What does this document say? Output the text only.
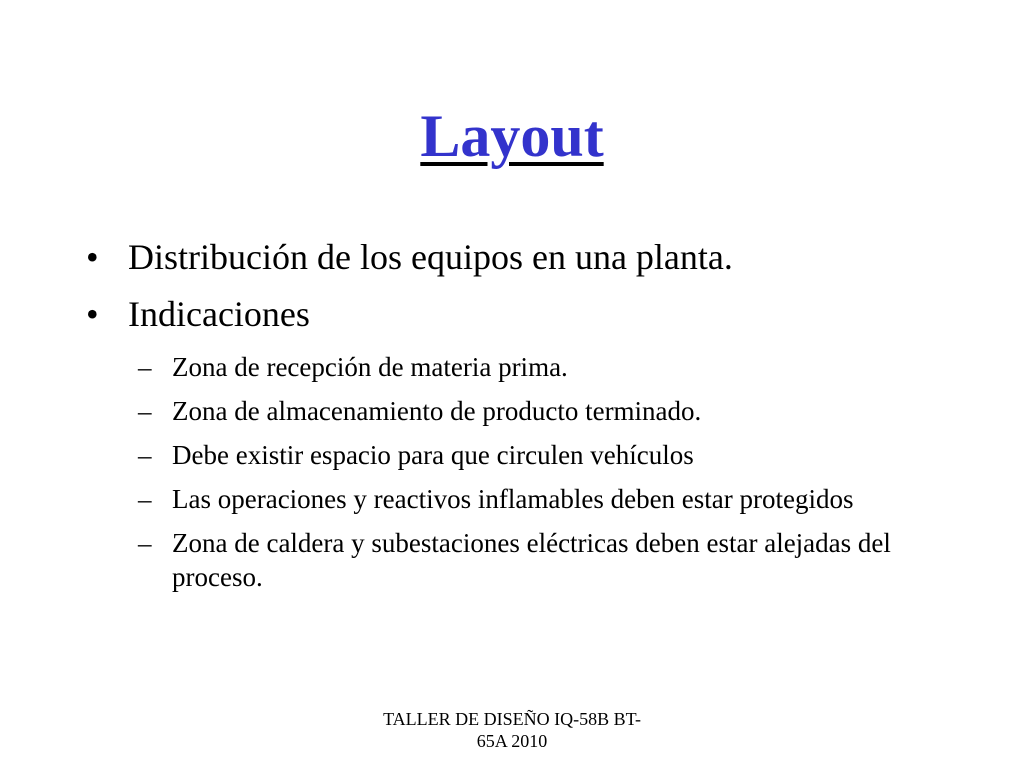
Layout
• Distribución de los equipos en una planta.
• Indicaciones
– Zona de recepción de materia prima.
– Zona de almacenamiento de producto terminado.
– Debe existir espacio para que circulen vehículos
– Las operaciones y reactivos inflamables deben estar protegidos
– Zona de caldera y subestaciones eléctricas deben estar alejadas del proceso.
TALLER DE DISEÑO IQ-58B BT-
65A 2010
